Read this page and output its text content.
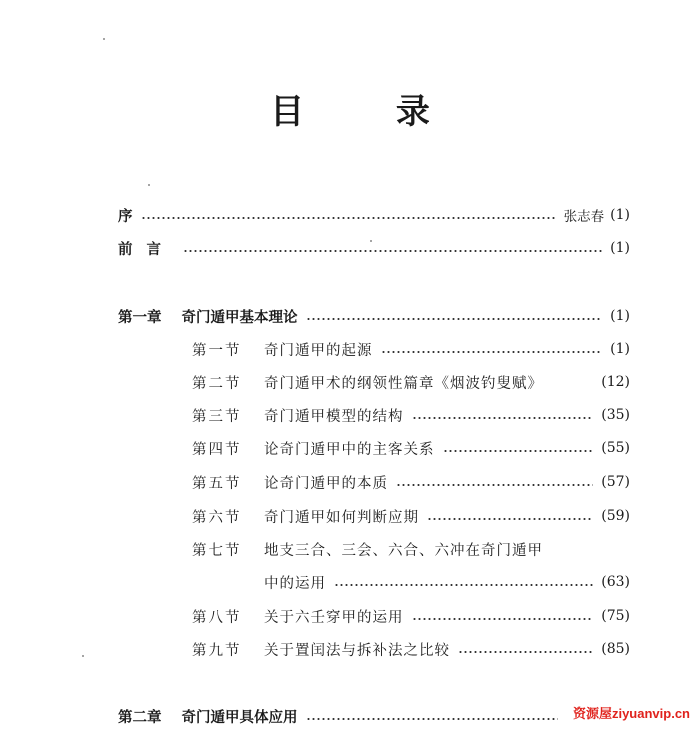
目 录
序	张志春 (1)
前言	(1)
第一章 奇门遁甲基本理论	(1)
第一节	奇门遁甲的起源	(1)
第二节	奇门遁甲术的纲领性篇章《烟波钓叟赋》	(12)
第三节	奇门遁甲模型的结构	(35)
第四节	论奇门遁甲中的主客关系	(55)
第五节	论奇门遁甲的本质	(57)
第六节	奇门遁甲如何判断应期	(59)
第七节	地支三合、三会、六合、六冲在奇门遁甲
中的运用	(63)
第八节	关于六壬穿甲的运用	(75)
第九节	关于置闰法与拆补法之比较	(85)
第二章 奇门遁甲具体应用	资源屋ziyuanvip.cn
